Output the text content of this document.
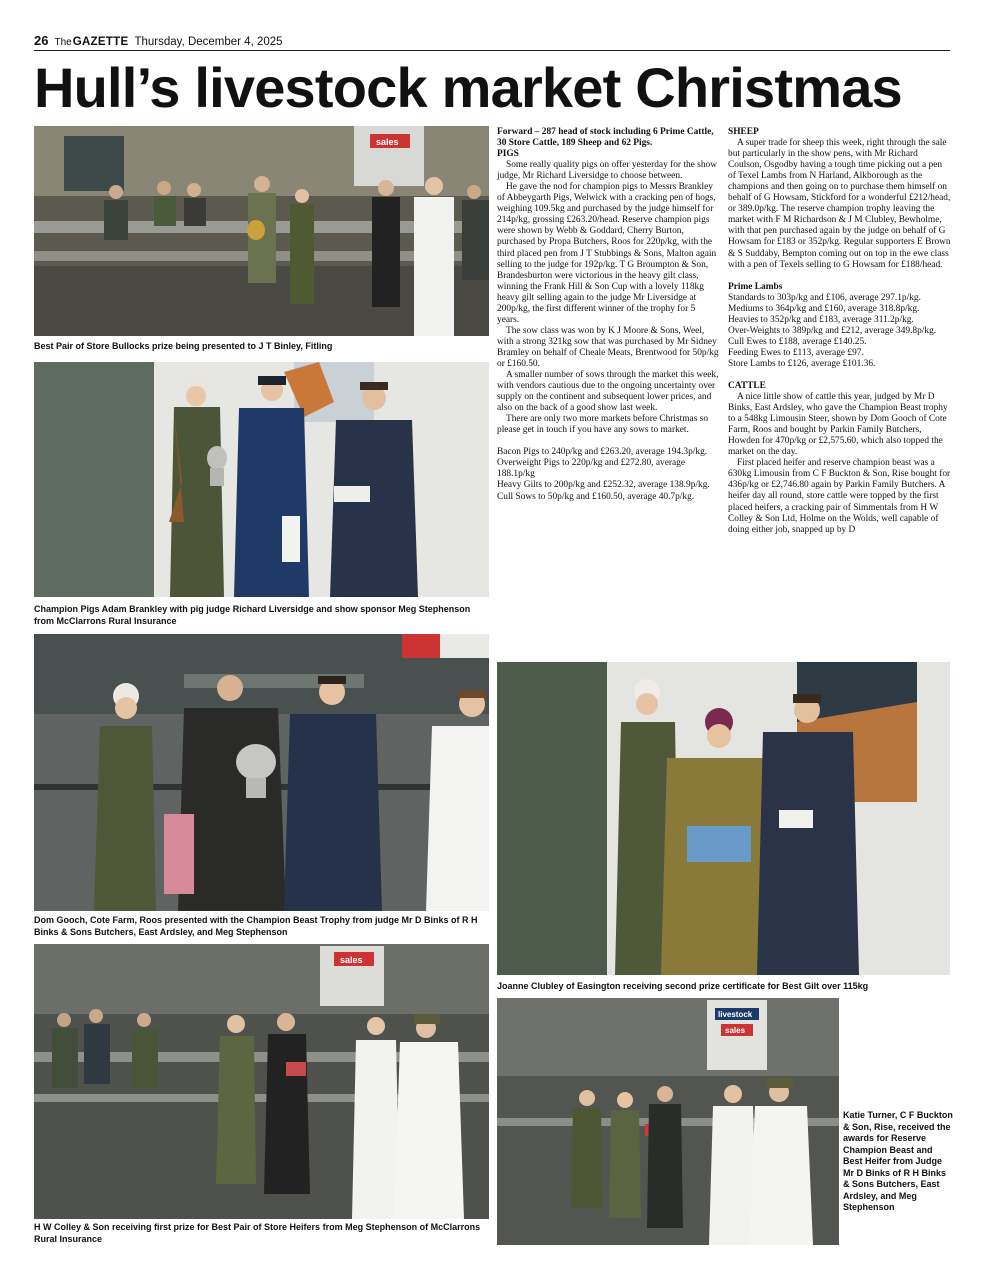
26 The GAZETTE Thursday, December 4, 2025
Hull’s livestock market Christmas
sales
Best Pair of Store Bullocks prize being presented to J T Binley, Fitling
Champion Pigs Adam Brankley with pig judge Richard Liversidge and show sponsor Meg Stephenson from McClarrons Rural Insurance
Dom Gooch, Cote Farm, Roos presented with the Champion Beast Trophy from judge Mr D Binks of R H Binks & Sons Butchers, East Ardsley, and Meg Stephenson
sales
H W Colley & Son receiving first prize for Best Pair of Store Heifers from Meg Stephenson of McClarrons Rural Insurance
Joanne Clubley of Easington receiving second prize certificate for Best Gilt over 115kg
livestock
sales
Katie Turner, C F Buckton & Son, Rise, received the awards for Reserve Champion Beast and Best Heifer from Judge Mr D Binks of R H Binks & Sons Butchers, East Ardsley, and Meg Stephenson

Forward – 287 head of stock including 6 Prime Cattle, 30 Store Cattle, 189 Sheep and 62 Pigs.

PIGS

Some really quality pigs on offer yesterday for the show judge, Mr Richard Liversidge to choose between.

He gave the nod for champion pigs to Messrs Brankley of Abbeygarth Pigs, Welwick with a cracking pen of hogs, weighing 109.5kg and purchased by the judge himself for 214p/kg, grossing £263.20/head. Reserve champion pigs were shown by Webb & Goddard, Cherry Burton, purchased by Propa Butchers, Roos for 220p/kg, with the third placed pen from J T Stubbings & Sons, Malton again selling to the judge for 192p/kg. T G Broumpton & Son, Brandesburton were victorious in the heavy gilt class, winning the Frank Hill & Son Cup with a lovely 118kg heavy gilt selling again to the judge Mr Liversidge at 200p/kg, the first different winner of the trophy for 5 years.

The sow class was won by K J Moore & Sons, Weel, with a strong 321kg sow that was purchased by Mr Sidney Bramley on behalf of Cheale Meats, Brentwood for 50p/kg or £160.50.

A smaller number of sows through the market this week, with vendors cautious due to the ongoing uncertainty over supply on the continent and subsequent lower prices, and also on the back of a good show last week.

There are only two more markets before Christmas so please get in touch if you have any sows to market.

Bacon Pigs to 240p/kg and £263.20, average 194.3p/kg.

Overweight Pigs to 220p/kg and £272.80, average 188.1p/kg

Heavy Gilts to 200p/kg and £252.32, average 138.9p/kg.

Cull Sows to 50p/kg and £160.50, average 40.7p/kg.

SHEEP

A super trade for sheep this week, right through the sale but particularly in the show pens, with Mr Richard Coulson, Osgodby having a tough time picking out a pen of Texel Lambs from N Harland, Alkborough as the champions and then going on to purchase them himself on behalf of G Howsam, Stickford for a wonderful £212/head, or 389.0p/kg. The reserve champion trophy leaving the market with F M Richardson & J M Clubley, Bewholme, with that pen purchased again by the judge on behalf of G Howsam for £183 or 352p/kg. Regular supporters E Brown & S Suddaby, Bempton coming out on top in the ewe class with a pen of Texels selling to G Howsam for £188/head.

Prime Lambs

Standards to 303p/kg and £106, average 297.1p/kg.

Mediums to 364p/kg and £160, average 318.8p/kg.

Heavies to 352p/kg and £183, average 311.2p/kg.

Over-Weights to 389p/kg and £212, average 349.8p/kg.

Cull Ewes to £188, average £140.25.

Feeding Ewes to £113, average £97.

Store Lambs to £126, average £101.36.

CATTLE

A nice little show of cattle this year, judged by Mr D Binks, East Ardsley, who gave the Champion Beast trophy to a 548kg Limousin Steer, shown by Dom Gooch of Cote Farm, Roos and bought by Parkin Family Butchers, Howden for 470p/kg or £2,575.60, which also topped the market on the day.

First placed heifer and reserve champion beast was a 630kg Limousin from C F Buckton & Son, Rise bought for 436p/kg or £2,746.80 again by Parkin Family Butchers. A heifer day all round, store cattle were topped by the first placed heifers, a cracking pair of Simmentals from H W Colley & Son Ltd, Holme on the Wolds, well capable of doing either job, snapped up by D
